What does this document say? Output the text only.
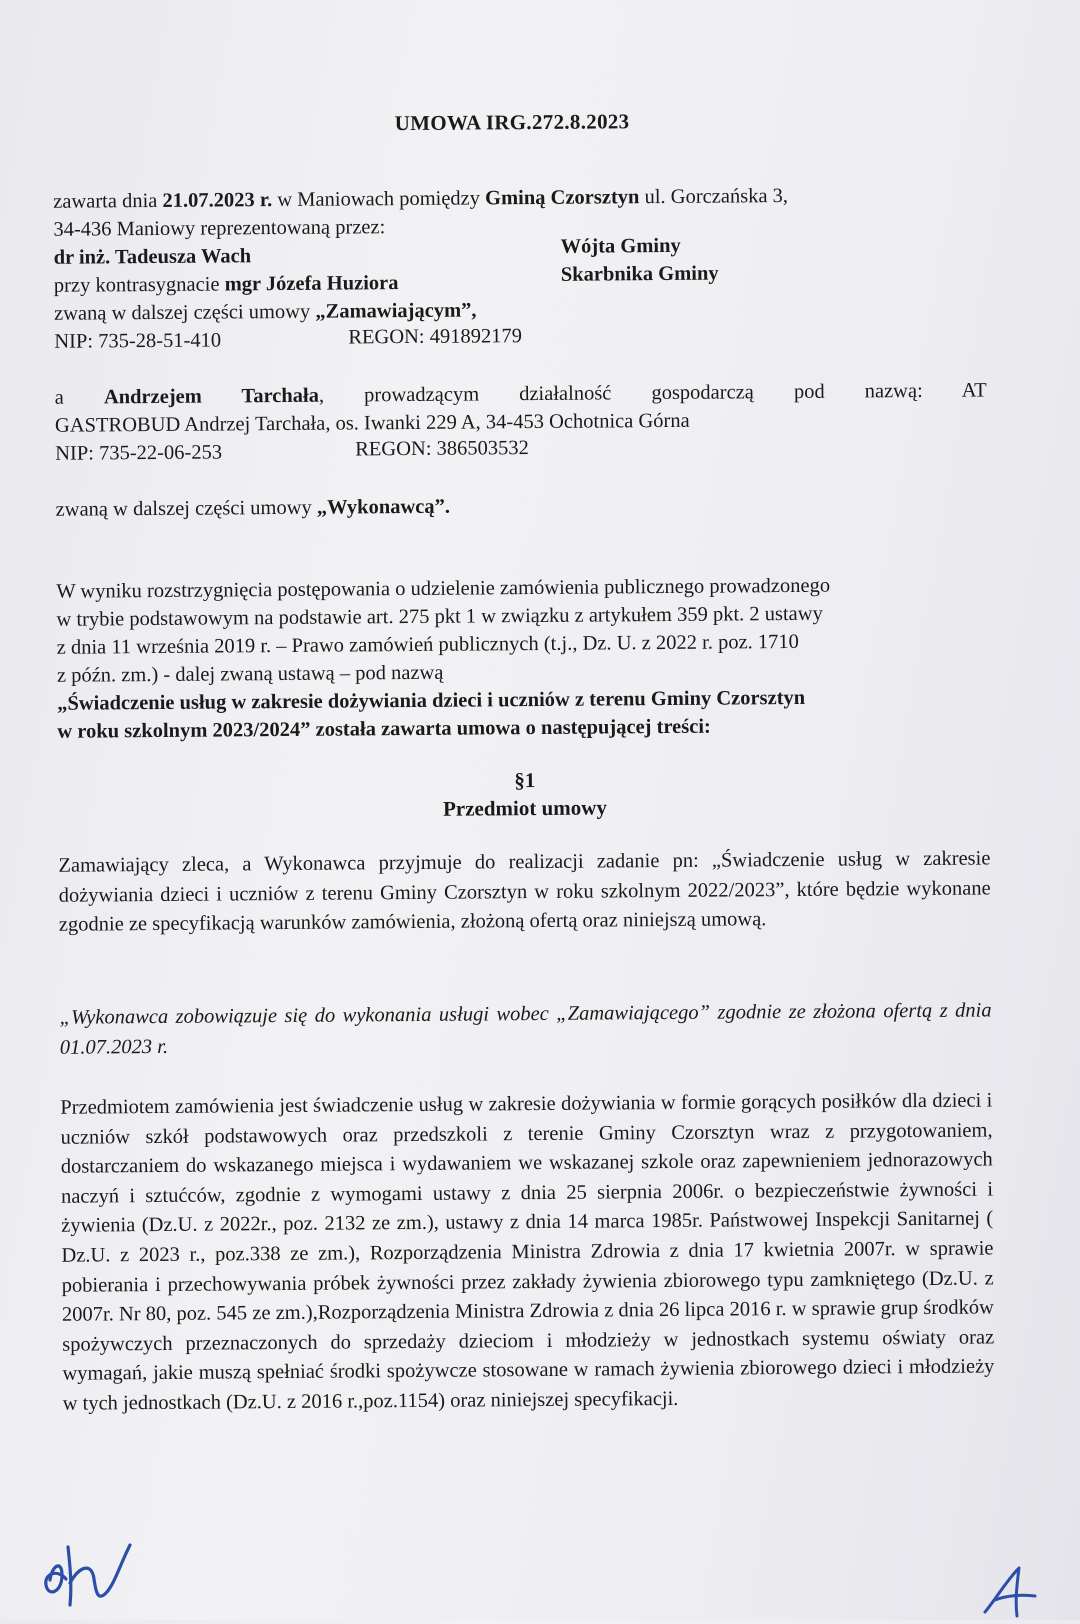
UMOWA IRG.272.8.2023
zawarta dnia 21.07.2023 r. w Maniowach pomiędzy Gminą Czorsztyn ul. Gorczańska 3,
34-436 Maniowy reprezentowaną przez:
dr inż. Tadeusza Wach	Wójta Gminy
przy kontrasygnacie mgr Józefa Huziora	Skarbnika Gminy
zwaną w dalszej części umowy „Zamawiającym”,
NIP: 735-28-51-410	REGON: 491892179
a Andrzejem Tarchała, prowadzącym działalność gospodarczą pod nazwą: AT
GASTROBUD Andrzej Tarchała, os. Iwanki 229 A, 34-453 Ochotnica Górna
NIP: 735-22-06-253	REGON: 386503532
zwaną w dalszej części umowy „Wykonawcą”.
W wyniku rozstrzygnięcia postępowania o udzielenie zamówienia publicznego prowadzonego
w trybie podstawowym na podstawie art. 275 pkt 1 w związku z artykułem 359 pkt. 2 ustawy
z dnia 11 września 2019 r. – Prawo zamówień publicznych (t.j., Dz. U. z 2022 r. poz. 1710
z późn. zm.) - dalej zwaną ustawą – pod nazwą
„Świadczenie usług w zakresie dożywiania dzieci i uczniów z terenu Gminy Czorsztyn
w roku szkolnym 2023/2024” została zawarta umowa o następującej treści:
§1
Przedmiot umowy
Zamawiający zleca, a Wykonawca przyjmuje do realizacji zadanie pn: „Świadczenie usług w zakresie dożywiania dzieci i uczniów z terenu Gminy Czorsztyn w roku szkolnym 2022/2023”, które będzie wykonane zgodnie ze specyfikacją warunków zamówienia, złożoną ofertą oraz niniejszą umową.
„Wykonawca zobowiązuje się do wykonania usługi wobec „Zamawiającego” zgodnie ze złożona ofertą z dnia 01.07.2023 r.
Przedmiotem zamówienia jest świadczenie usług w zakresie dożywiania w formie gorących posiłków dla dzieci i uczniów szkół podstawowych oraz przedszkoli z terenie Gminy Czorsztyn wraz z przygotowaniem, dostarczaniem do wskazanego miejsca i wydawaniem we wskazanej szkole oraz zapewnieniem jednorazowych naczyń i sztućców, zgodnie z wymogami ustawy z dnia 25 sierpnia 2006r. o bezpieczeństwie żywności i żywienia (Dz.U. z 2022r., poz. 2132 ze zm.), ustawy z dnia 14 marca 1985r. Państwowej Inspekcji Sanitarnej ( Dz.U. z 2023 r., poz.338 ze zm.), Rozporządzenia Ministra Zdrowia z dnia 17 kwietnia 2007r. w sprawie pobierania i przechowywania próbek żywności przez zakłady żywienia zbiorowego typu zamkniętego (Dz.U. z 2007r. Nr 80, poz. 545 ze zm.),Rozporządzenia Ministra Zdrowia z dnia 26 lipca 2016 r. w sprawie grup środków spożywczych przeznaczonych do sprzedaży dzieciom i młodzieży w jednostkach systemu oświaty oraz wymagań, jakie muszą spełniać środki spożywcze stosowane w ramach żywienia zbiorowego dzieci i młodzieży w tych jednostkach (Dz.U. z 2016 r.,poz.1154) oraz niniejszej specyfikacji.
